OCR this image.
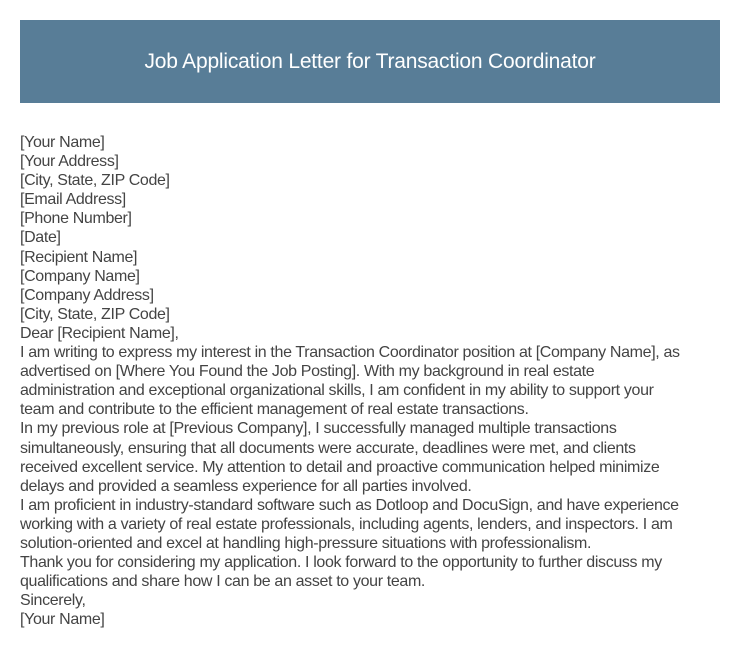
Job Application Letter for Transaction Coordinator
[Your Name]
[Your Address]
[City, State, ZIP Code]
[Email Address]
[Phone Number]
[Date]
[Recipient Name]
[Company Name]
[Company Address]
[City, State, ZIP Code]
Dear [Recipient Name],
I am writing to express my interest in the Transaction Coordinator position at [Company Name], as
advertised on [Where You Found the Job Posting]. With my background in real estate
administration and exceptional organizational skills, I am confident in my ability to support your
team and contribute to the efficient management of real estate transactions.
In my previous role at [Previous Company], I successfully managed multiple transactions
simultaneously, ensuring that all documents were accurate, deadlines were met, and clients
received excellent service. My attention to detail and proactive communication helped minimize
delays and provided a seamless experience for all parties involved.
I am proficient in industry-standard software such as Dotloop and DocuSign, and have experience
working with a variety of real estate professionals, including agents, lenders, and inspectors. I am
solution-oriented and excel at handling high-pressure situations with professionalism.
Thank you for considering my application. I look forward to the opportunity to further discuss my
qualifications and share how I can be an asset to your team.
Sincerely,
[Your Name]
